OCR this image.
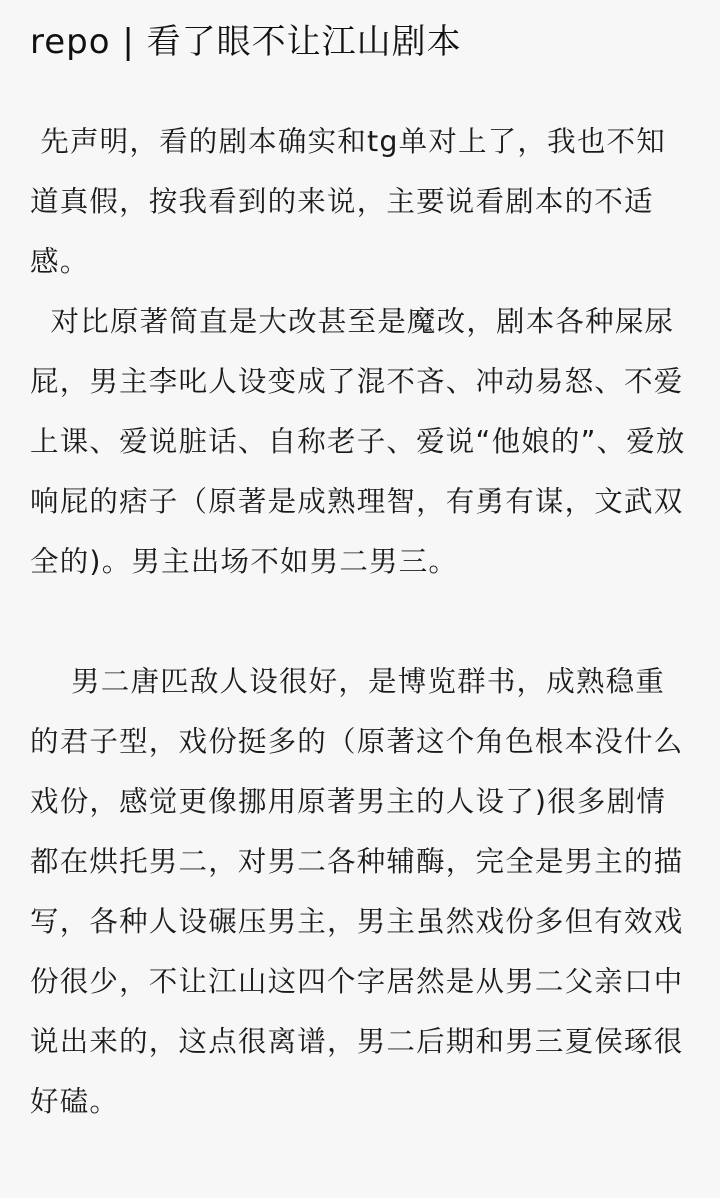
repo | 看了眼不让江山剧本

先声明，看的剧本确实和tg单对上了，我也不知道真假，按我看到的来说，主要说看剧本的不适感。

对比原著简直是大改甚至是魔改，剧本各种屎尿屁，男主李叱人设变成了混不吝、冲动易怒、不爱上课、爱说脏话、自称老子、爱说“他娘的”、爱放响屁的痞子（原著是成熟理智，有勇有谋，文武双全的)。男主出场不如男二男三。

男二唐匹敌人设很好，是博览群书，成熟稳重的君子型，戏份挺多的（原著这个角色根本没什么戏份，感觉更像挪用原著男主的人设了)很多剧情都在烘托男二，对男二各种辅酶，完全是男主的描写，各种人设碾压男主，男主虽然戏份多但有效戏份很少，不让江山这四个字居然是从男二父亲口中说出来的，这点很离谱，男二后期和男三夏侯琢很好磕。
